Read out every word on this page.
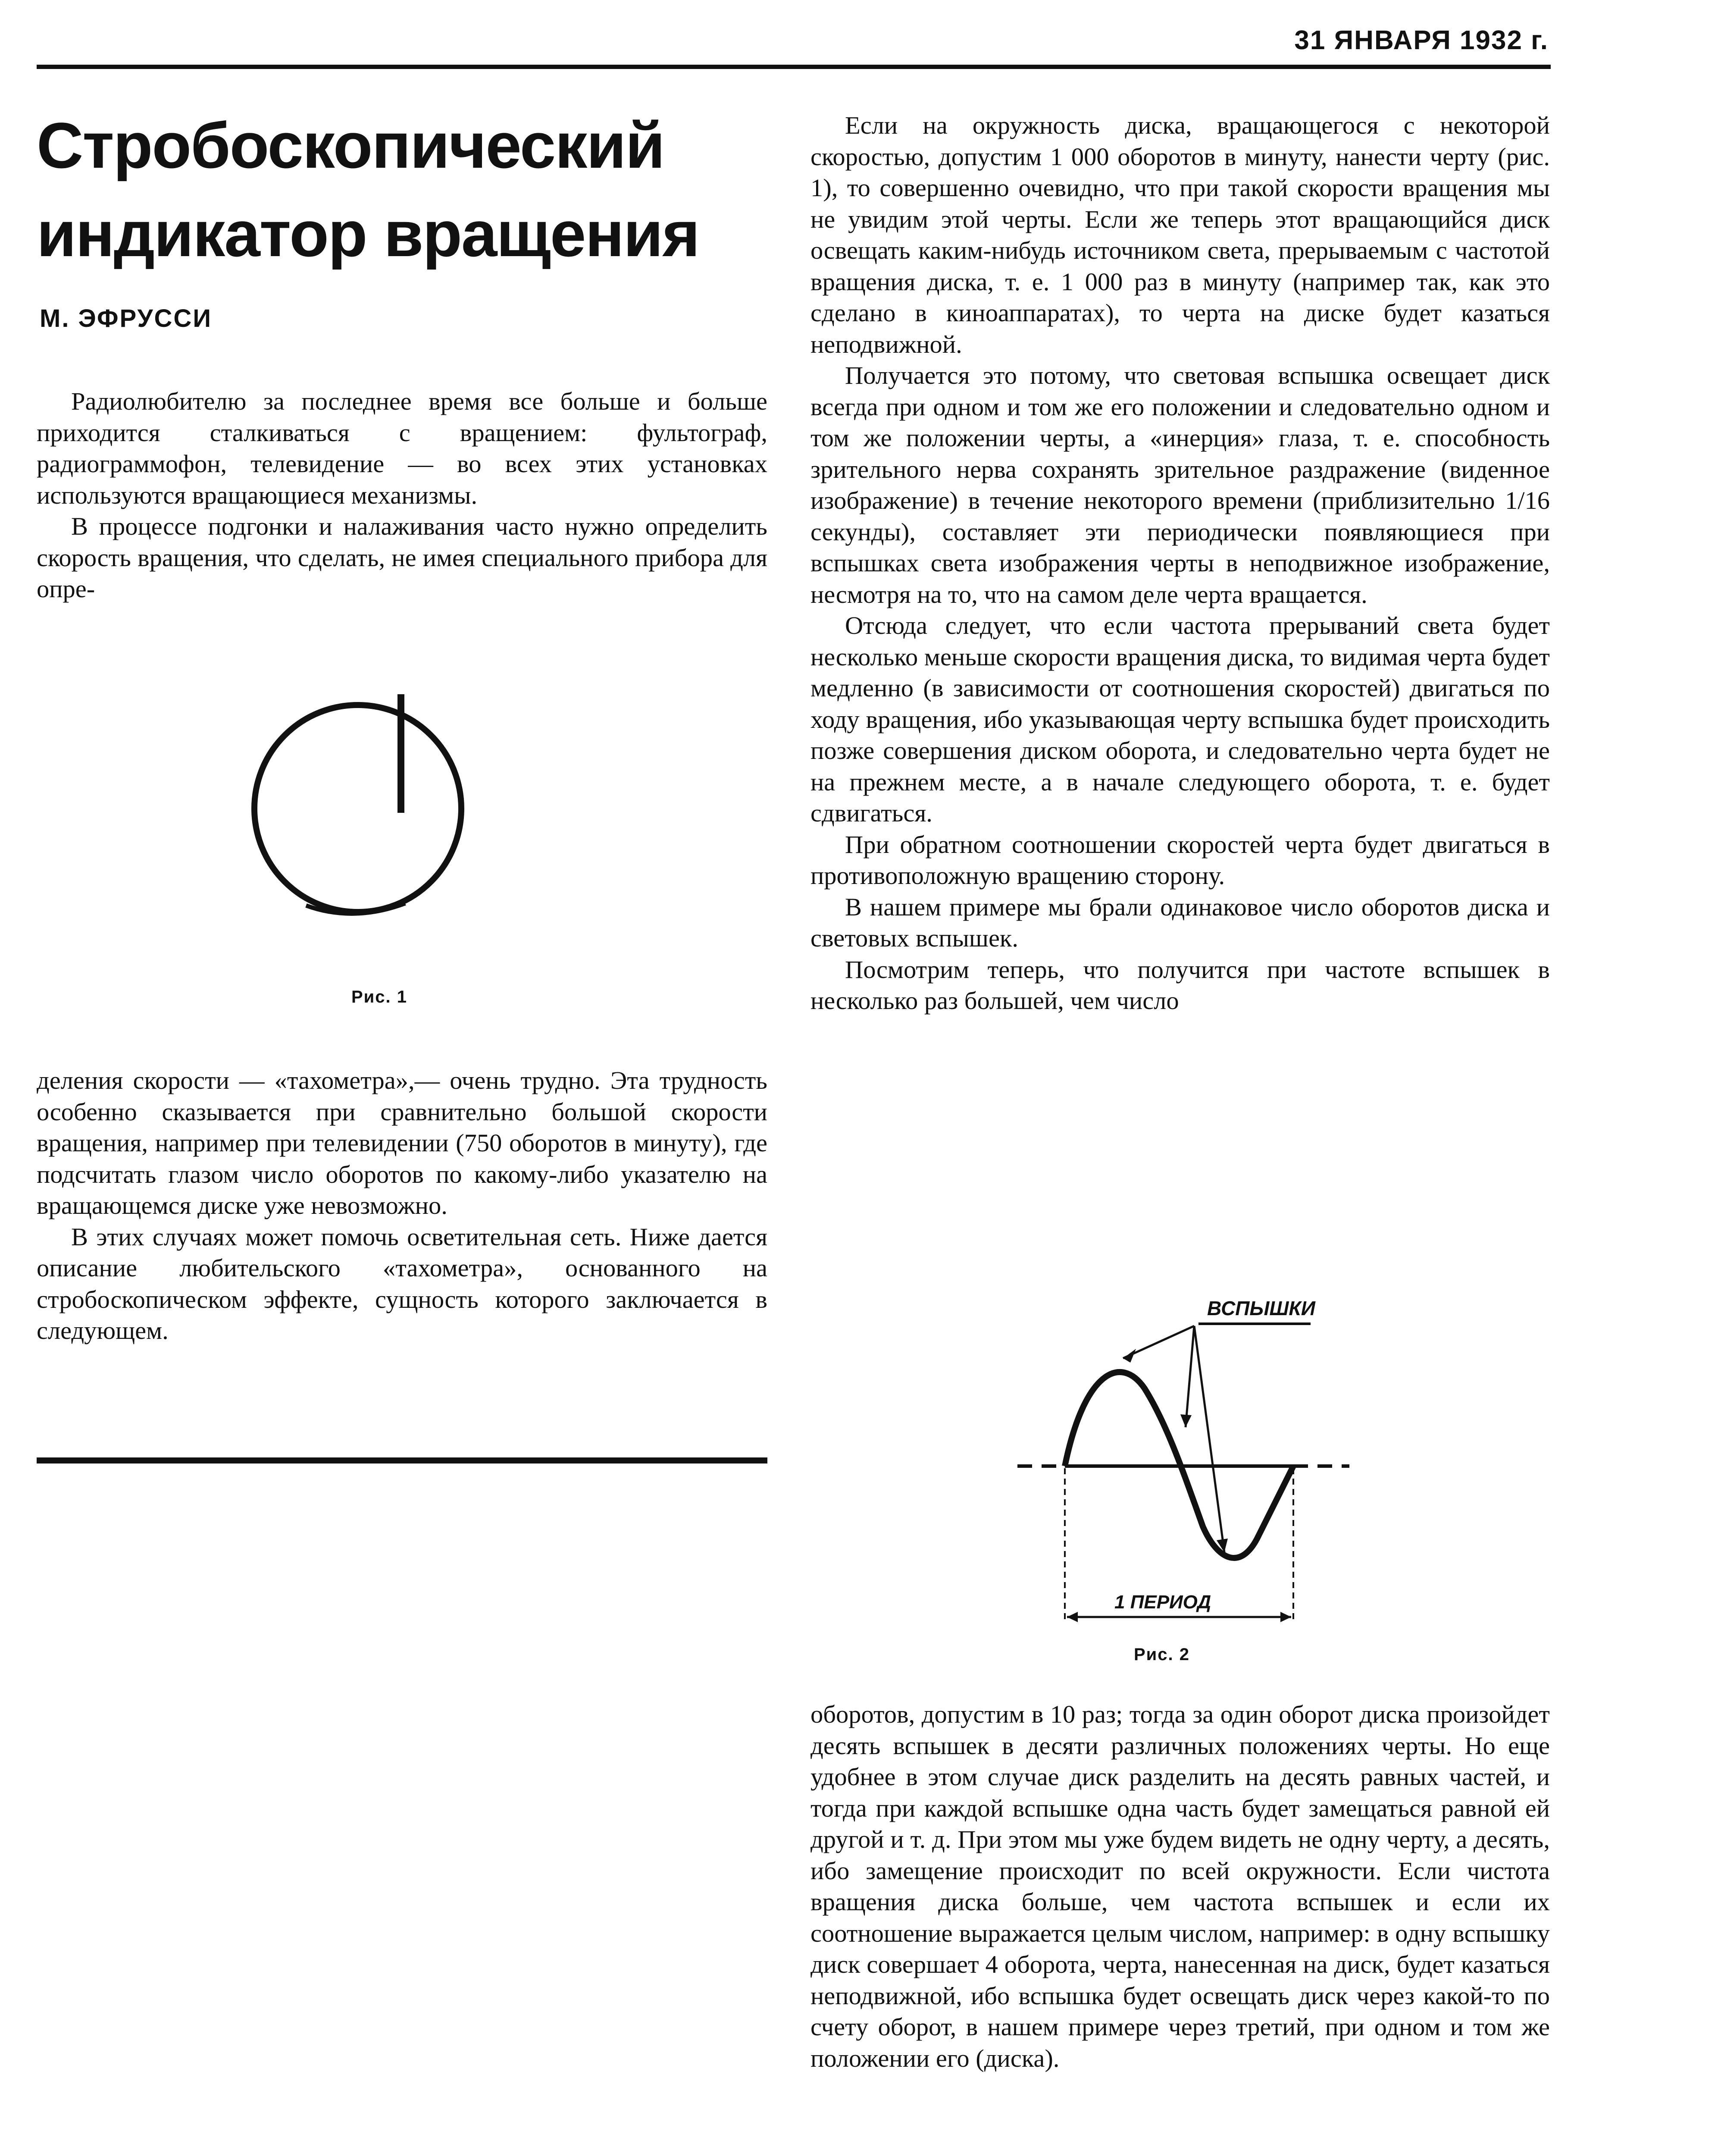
31 ЯНВАРЯ 1932 г.
Стробоскопический
индикатор вращения
М. ЭФРУССИ

Радиолюбителю за последнее время все больше и больше приходится сталкиваться с вращением: фультограф, радиограммофон, телевидение — во всех этих установках используются вращающиеся механизмы.

В процессе подгонки и налаживания часто нужно определить скорость вращения, что сделать, не имея специального прибора для опре-

Рис. 1

деления скорости — «тахометра»,— очень трудно. Эта трудность особенно сказывается при сравнительно большой скорости вращения, например при телевидении (750 оборотов в минуту), где подсчитать глазом число оборотов по какому-либо указателю на вращающемся диске уже невозможно.

В этих случаях может помочь осветительная сеть. Ниже дается описание любительского «тахометра», основанного на стробоскопическом эффекте, сущность которого заключается в следующем.

Если на окружность диска, вращающегося с некоторой скоростью, допустим 1 000 оборотов в минуту, нанести черту (рис. 1), то совершенно очевидно, что при такой скорости вращения мы не увидим этой черты. Если же теперь этот вращающийся диск освещать каким-нибудь источником света, прерываемым с частотой вращения диска, т. е. 1 000 раз в минуту (например так, как это сделано в киноаппаратах), то черта на диске будет казаться неподвижной.

Получается это потому, что световая вспышка освещает диск всегда при одном и том же его положении и следовательно одном и том же положении черты, а «инерция» глаза, т. е. способность зрительного нерва сохранять зрительное раздражение (виденное изображение) в течение некоторого времени (приблизительно 1/16 секунды), составляет эти периодически появляющиеся при вспышках света изображения черты в неподвижное изображение, несмотря на то, что на самом деле черта вращается.

Отсюда следует, что если частота прерываний света будет несколько меньше скорости вращения диска, то видимая черта будет медленно (в зависимости от соотношения скоростей) двигаться по ходу вращения, ибо указывающая черту вспышка будет происходить позже совершения диском оборота, и следовательно черта будет не на прежнем месте, а в начале следующего оборота, т. е. будет сдвигаться.

При обратном соотношении скоростей черта будет двигаться в противоположную вращению сторону.

В нашем примере мы брали одинаковое число оборотов диска и световых вспышек.

Посмотрим теперь, что получится при частоте вспышек в несколько раз большей, чем число

ВСПЫШКИ
1 ПЕРИОД
Рис. 2

оборотов, допустим в 10 раз; тогда за один оборот диска произойдет десять вспышек в десяти различных положениях черты. Но еще удобнее в этом случае диск разделить на десять равных частей, и тогда при каждой вспышке одна часть будет замещаться равной ей другой и т. д. При этом мы уже будем видеть не одну черту, а десять, ибо замещение происходит по всей окружности. Если чистота вращения диска больше, чем частота вспышек и если их соотношение выражается целым числом, например: в одну вспышку диск совершает 4 оборота, черта, нанесенная на диск, будет казаться неподвижной, ибо вспышка будет освещать диск через какой-то по счету оборот, в нашем примере через третий, при одном и том же положении его (диска).
